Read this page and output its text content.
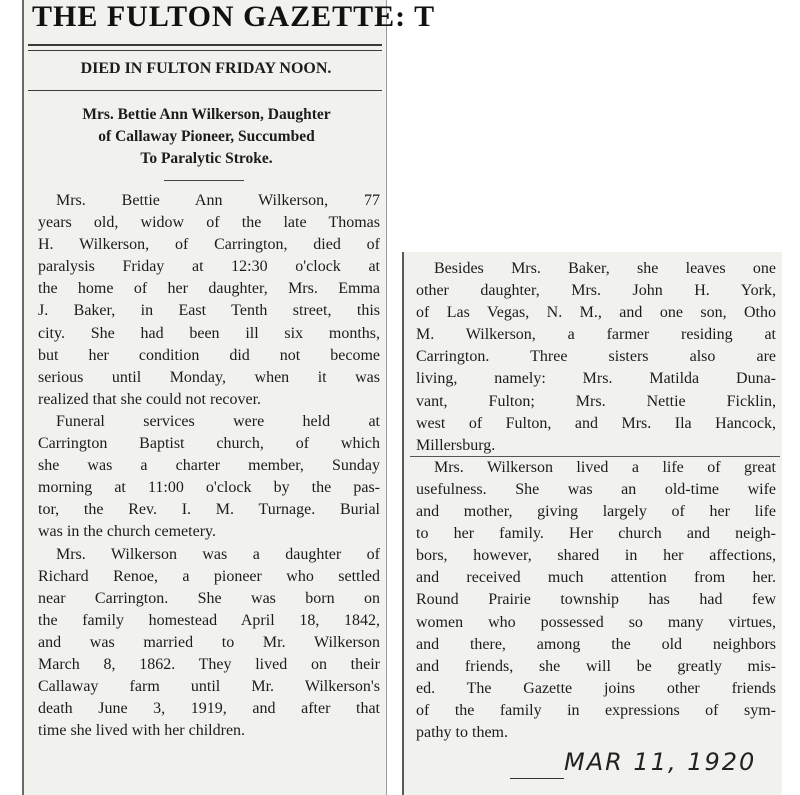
THE FULTON GAZETTE: T
DIED IN FULTON FRIDAY NOON.
Mrs. Bettie Ann Wilkerson, Daughter
of Callaway Pioneer, Succumbed
To Paralytic Stroke.
Mrs. Bettie Ann Wilkerson, 77
years old, widow of the late Thomas
H. Wilkerson, of Carrington, died of
paralysis Friday at 12:30 o'clock at
the home of her daughter, Mrs. Emma
J. Baker, in East Tenth street, this
city. She had been ill six months,
but her condition did not become
serious until Monday, when it was
realized that she could not recover.
Funeral services were held at
Carrington Baptist church, of which
she was a charter member, Sunday
morning at 11:00 o'clock by the pas-
tor, the Rev. I. M. Turnage. Burial
was in the church cemetery.
Mrs. Wilkerson was a daughter of
Richard Renoe, a pioneer who settled
near Carrington. She was born on
the family homestead April 18, 1842,
and was married to Mr. Wilkerson
March 8, 1862. They lived on their
Callaway farm until Mr. Wilkerson's
death June 3, 1919, and after that
time she lived with her children.
Besides Mrs. Baker, she leaves one
other daughter, Mrs. John H. York,
of Las Vegas, N. M., and one son, Otho
M. Wilkerson, a farmer residing at
Carrington. Three sisters also are
living, namely: Mrs. Matilda Duna-
vant, Fulton; Mrs. Nettie Ficklin,
west of Fulton, and Mrs. Ila Hancock,
Millersburg.
Mrs. Wilkerson lived a life of great
usefulness. She was an old-time wife
and mother, giving largely of her life
to her family. Her church and neigh-
bors, however, shared in her affections,
and received much attention from her.
Round Prairie township has had few
women who possessed so many virtues,
and there, among the old neighbors
and friends, she will be greatly mis-
ed. The Gazette joins other friends
of the family in expressions of sym-
pathy to them.
MAR 11, 1920
